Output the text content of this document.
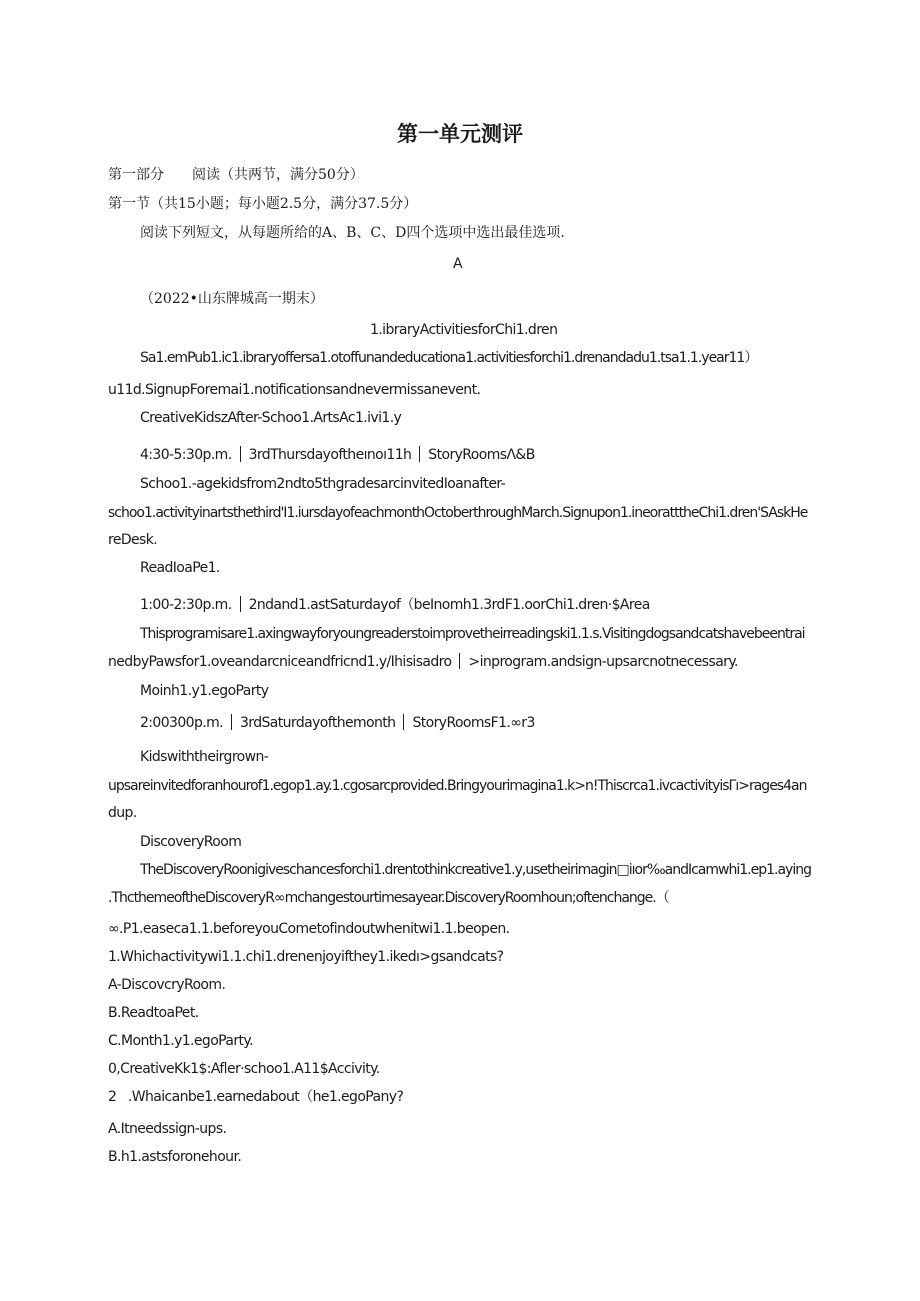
第一单元测评
第一部分　　阅读（共两节，满分50分）
第一节（共15小题；每小题2.5分，满分37.5分）
阅读下列短文，从每题所给的A、B、C、D四个选项中选出最佳选项.
A
（2022•山东牌城高一期末）
1.ibraryActivitiesforChi1.dren
Sa1.emPub1.ic1.ibraryoffersa1.otoffunandeducationa1.activitiesforchi1.drenandadu1.tsa1.1.year11）
u11d.SignupForemai1.notificationsandnevermissanevent.
CreativeKidszAfter-Schoo1.ArtsAc1.ivi1.y
4:30-5:30p.m. 3rdThursdayoftheınoı11h StoryRoomsΛ&B
Schoo1.-agekidsfrom2ndto5thgradesarcinvitedIoanafter-
schoo1.activityinartsthethird'I1.iursdayofeachmonthOctoberthroughMarch.Signupon1.ineoratttheChi1.dren'SAskHe
reDesk.
ReadIoaPe1.
1:00-2:30p.m. 2ndand1.astSaturdayof（beInomh1.3rdF1.oorChi1.dren·$Area
Thisprogramisare1.axingwayforyoungreaderstoimprovetheirreadingski1.1.s.Visitingdogsandcatshavebeentrai
nedbyPawsfor1.oveandarcniceandfricnd1.y/Ihisisadro >inprogram.andsign-upsarcnotnecessary.
Moinh1.y1.egoParty
2:00300p.m. 3rdSaturdayofthemonth StoryRoomsF1.∞r3
Kidswiththeirgrown-
upsareinvitedforanhourof1.egop1.ay.1.cgosarcprovided.Bringyourimagina1.k>n!Thiscrca1.ivcactivityisΓı>rages4an
dup.
DiscoveryRoom
TheDiscoveryRoonigiveschancesforchi1.drentothinkcreative1.y,usetheirimagin□iıor‰andIcamwhi1.ep1.aying
.ThcthemeoftheDiscoveryR∞mchangestourtimesayear.DiscoveryRoomhoun;oftenchange.（
∞.P1.easeca1.1.beforeyouCometofindoutwhenitwi1.1.beopen.
1.Whichactivitywi1.1.chi1.drenenjoyifthey1.ikedı>gsandcats?
A-DiscovcryRoom.
B.ReadtoaPet.
C.Month1.y1.egoParty.
0,CreativeKk1$:Afler·schoo1.A11$Accivity.
2 .Whaicanbe1.earnedabout（he1.egoPany?
A.Itneedssign-ups.
B.h1.astsforonehour.
